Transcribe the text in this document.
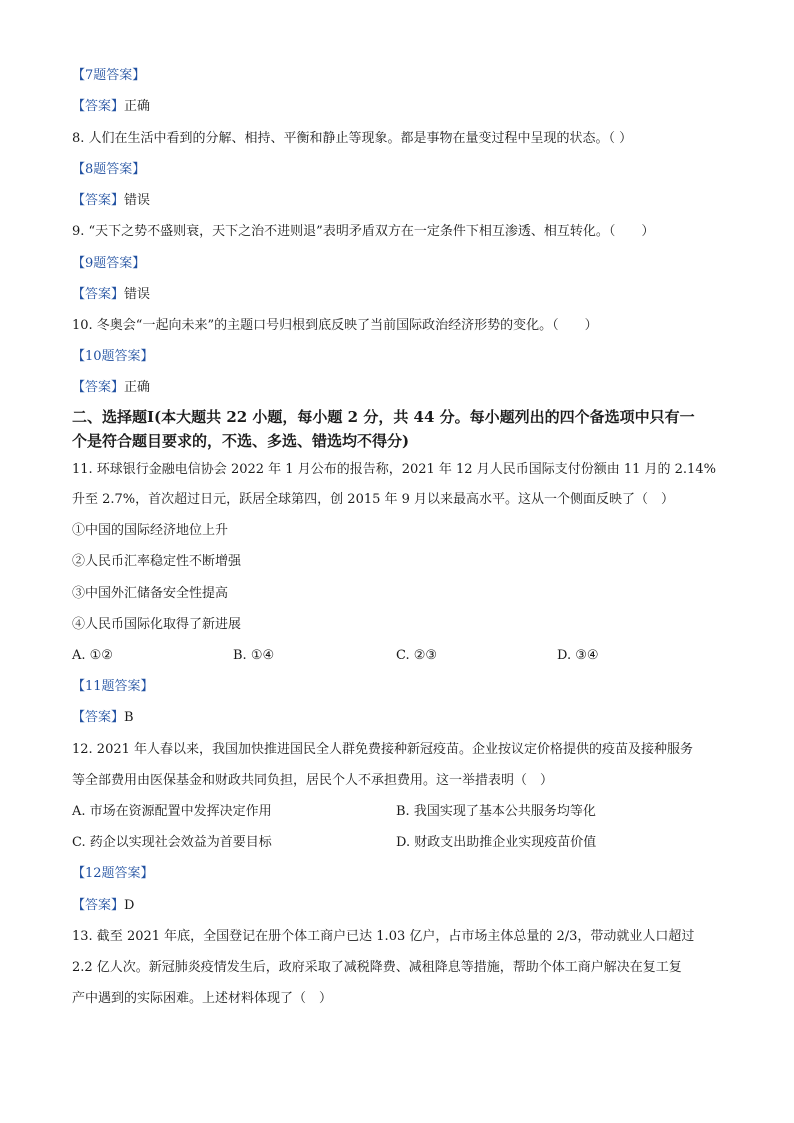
【7题答案】
【答案】正确
8. 人们在生活中看到的分解、相持、平衡和静止等现象。都是事物在量变过程中呈现的状态。（ ）
【8题答案】
【答案】错误
9. “天下之势不盛则衰，天下之治不进则退”表明矛盾双方在一定条件下相互渗透、相互转化。（　　）
【9题答案】
【答案】错误
10. 冬奥会“一起向未来”的主题口号归根到底反映了当前国际政治经济形势的变化。（　　）
【10题答案】
【答案】正确
二、选择题Ⅰ(本大题共 22 小题，每小题 2 分，共 44 分。每小题列出的四个备选项中只有一
个是符合题目要求的，不选、多选、错选均不得分)
11. 环球银行金融电信协会 2022 年 1 月公布的报告称，2021 年 12 月人民币国际支付份额由 11 月的 2.14%
升至 2.7%，首次超过日元，跃居全球第四，创 2015 年 9 月以来最高水平。这从一个侧面反映了（　）
①中国的国际经济地位上升
②人民币汇率稳定性不断增强
③中国外汇储备安全性提高
④人民币国际化取得了新进展
A. ①②	B. ①④	C. ②③	D. ③④
【11题答案】
【答案】B
12. 2021 年人春以来，我国加快推进国民全人群免费接种新冠疫苗。企业按议定价格提供的疫苗及接种服务
等全部费用由医保基金和财政共同负担，居民个人不承担费用。这一举措表明（　）
A. 市场在资源配置中发挥决定作用	B. 我国实现了基本公共服务均等化
C. 药企以实现社会效益为首要目标	D. 财政支出助推企业实现疫苗价值
【12题答案】
【答案】D
13. 截至 2021 年底，全国登记在册个体工商户已达 1.03 亿户，占市场主体总量的 2/3，带动就业人口超过
2.2 亿人次。新冠肺炎疫情发生后，政府采取了减税降费、减租降息等措施，帮助个体工商户解决在复工复
产中遇到的实际困难。上述材料体现了（　）
